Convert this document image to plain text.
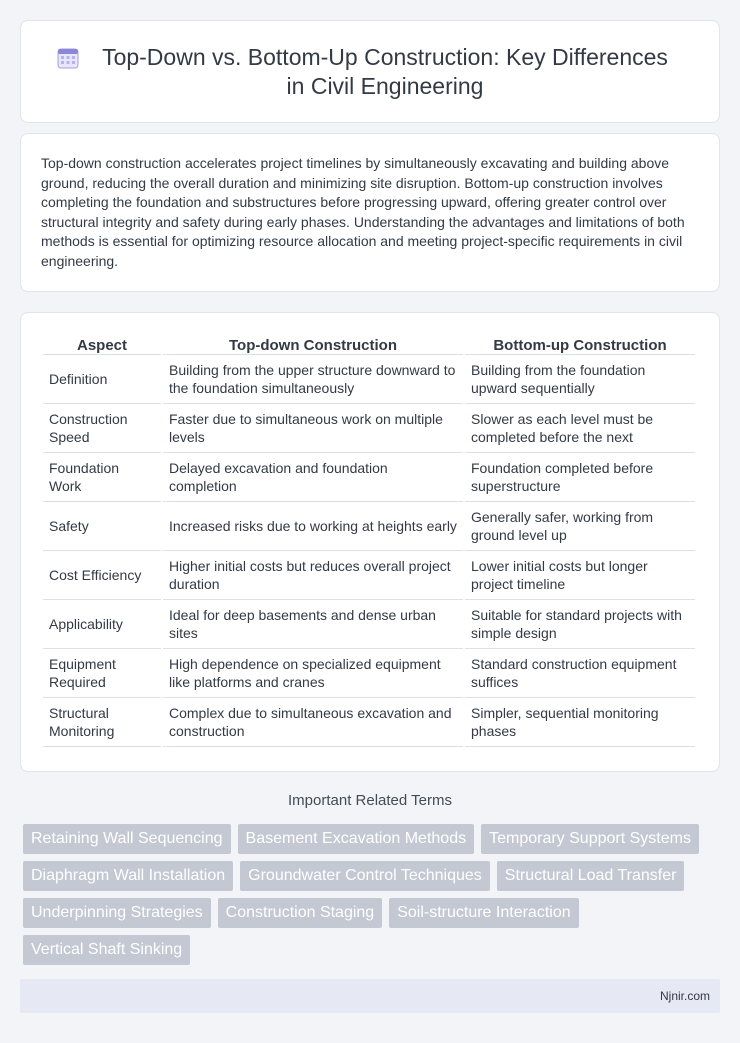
Top-Down vs. Bottom-Up Construction: Key Differences in Civil Engineering

Top-down construction accelerates project timelines by simultaneously excavating and building above ground, reducing the overall duration and minimizing site disruption. Bottom-up construction involves completing the foundation and substructures before progressing upward, offering greater control over structural integrity and safety during early phases. Understanding the advantages and limitations of both methods is essential for optimizing resource allocation and meeting project-specific requirements in civil engineering.

Aspect	Top-down Construction	Bottom-up Construction
Definition	Building from the upper structure downward to the foundation simultaneously	Building from the foundation upward sequentially
Construction Speed	Faster due to simultaneous work on multiple levels	Slower as each level must be completed before the next
Foundation Work	Delayed excavation and foundation completion	Foundation completed before superstructure
Safety	Increased risks due to working at heights early	Generally safer, working from ground level up
Cost Efficiency	Higher initial costs but reduces overall project duration	Lower initial costs but longer project timeline
Applicability	Ideal for deep basements and dense urban sites	Suitable for standard projects with simple design
Equipment Required	High dependence on specialized equipment like platforms and cranes	Standard construction equipment suffices
Structural Monitoring	Complex due to simultaneous excavation and construction	Simpler, sequential monitoring phases
Important Related Terms
Retaining Wall Sequencing	Basement Excavation Methods	Temporary Support Systems
Diaphragm Wall Installation	Groundwater Control Techniques	Structural Load Transfer
Underpinning Strategies	Construction Staging	Soil-structure Interaction
Vertical Shaft Sinking
Njnir.com
